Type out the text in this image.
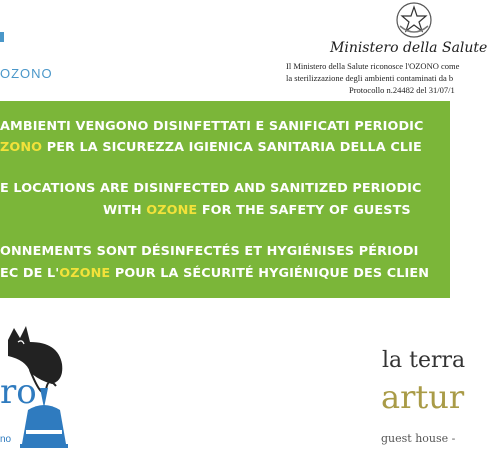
OZONO
Ministero della Salute
Il Ministero della Salute riconosce l'OZONO come
la sterilizzazione degli ambienti contaminati da b
Protocollo n.24482 del 31/07/1
AMBIENTI VENGONO DISINFETTATI E SANIFICATI PERIODIC
ZONO PER LA SICUREZZA IGIENICA SANITARIA DELLA CLIE
E LOCATIONS ARE DISINFECTED AND SANITIZED PERIODIC
WITH OZONE FOR THE SAFETY OF GUESTS
ONNEMENTS SONT DÉSINFECTÉS ET HYGIÉNISES PÉRIODI
EC DE L'OZONE POUR LA SÉCURITÉ HYGIÉNIQUE DES CLIEN
ro
no
la terra
artur
guest house -
